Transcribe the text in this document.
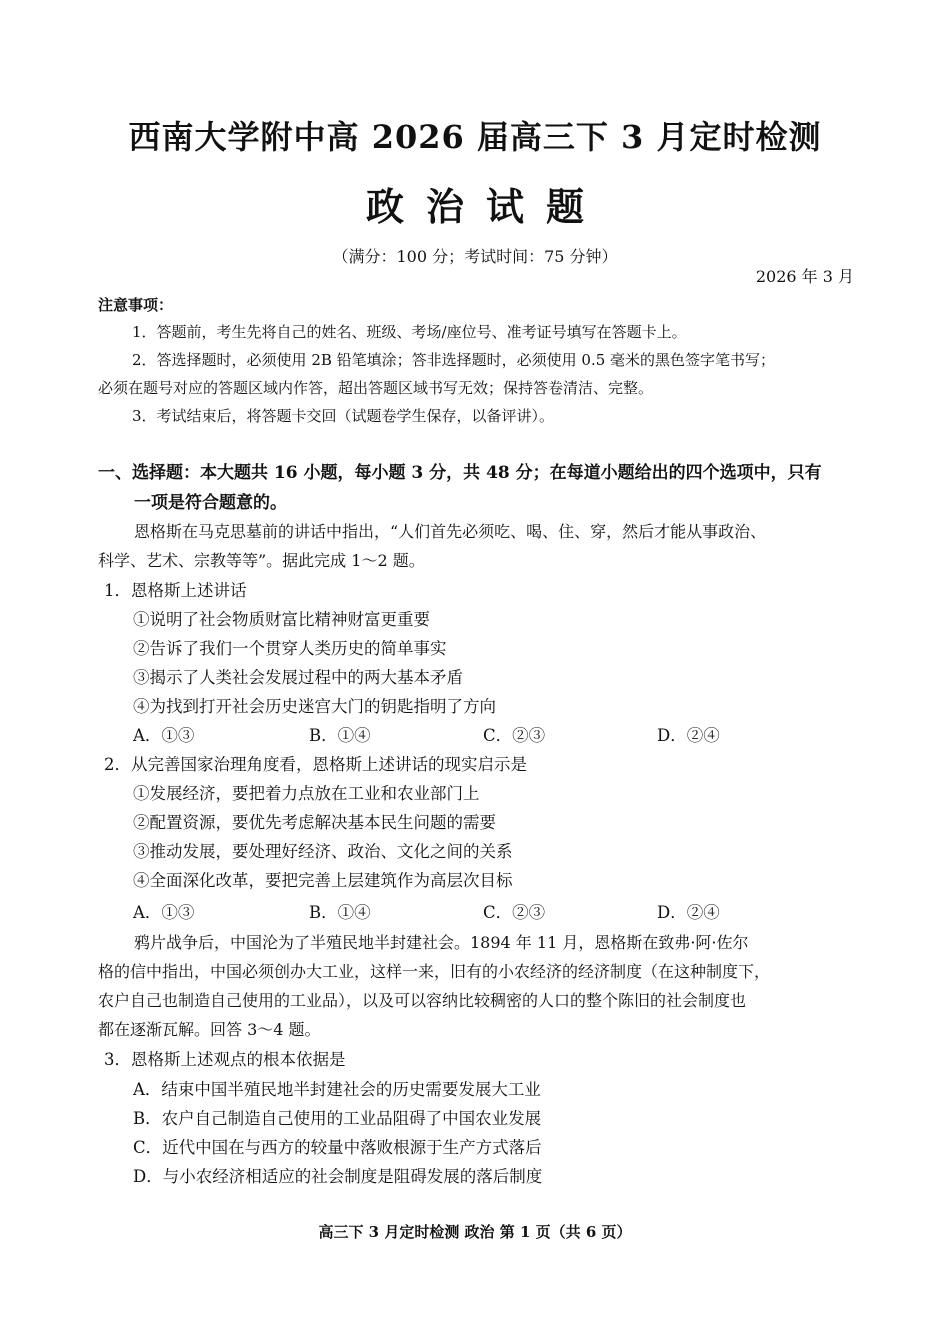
西南大学附中高 2026 届高三下 3 月定时检测
政治试题
（满分：100 分；考试时间：75 分钟）
2026 年 3 月
注意事项：
1．答题前，考生先将自己的姓名、班级、考场/座位号、准考证号填写在答题卡上。
2．答选择题时，必须使用 2B 铅笔填涂；答非选择题时，必须使用 0.5 毫米的黑色签字笔书写；
必须在题号对应的答题区域内作答，超出答题区域书写无效；保持答卷清洁、完整。
3．考试结束后，将答题卡交回（试题卷学生保存，以备评讲）。
一、选择题：本大题共 16 小题，每小题 3 分，共 48 分；在每道小题给出的四个选项中，只有
一项是符合题意的。
恩格斯在马克思墓前的讲话中指出，“人们首先必须吃、喝、住、穿，然后才能从事政治、
科学、艺术、宗教等等”。据此完成 1～2 题。
1．恩格斯上述讲话
①说明了社会物质财富比精神财富更重要
②告诉了我们一个贯穿人类历史的简单事实
③揭示了人类社会发展过程中的两大基本矛盾
④为找到打开社会历史迷宫大门的钥匙指明了方向
A．①③	B．①④	C．②③	D．②④
2．从完善国家治理角度看，恩格斯上述讲话的现实启示是
①发展经济，要把着力点放在工业和农业部门上
②配置资源，要优先考虑解决基本民生问题的需要
③推动发展，要处理好经济、政治、文化之间的关系
④全面深化改革，要把完善上层建筑作为高层次目标
A．①③	B．①④	C．②③	D．②④
鸦片战争后，中国沦为了半殖民地半封建社会。1894 年 11 月，恩格斯在致弗·阿·佐尔
格的信中指出，中国必须创办大工业，这样一来，旧有的小农经济的经济制度（在这种制度下，
农户自己也制造自己使用的工业品），以及可以容纳比较稠密的人口的整个陈旧的社会制度也
都在逐渐瓦解。回答 3～4 题。
3．恩格斯上述观点的根本依据是
A．结束中国半殖民地半封建社会的历史需要发展大工业
B．农户自己制造自己使用的工业品阻碍了中国农业发展
C．近代中国在与西方的较量中落败根源于生产方式落后
D．与小农经济相适应的社会制度是阻碍发展的落后制度
高三下 3 月定时检测 政治 第 1 页（共 6 页）
